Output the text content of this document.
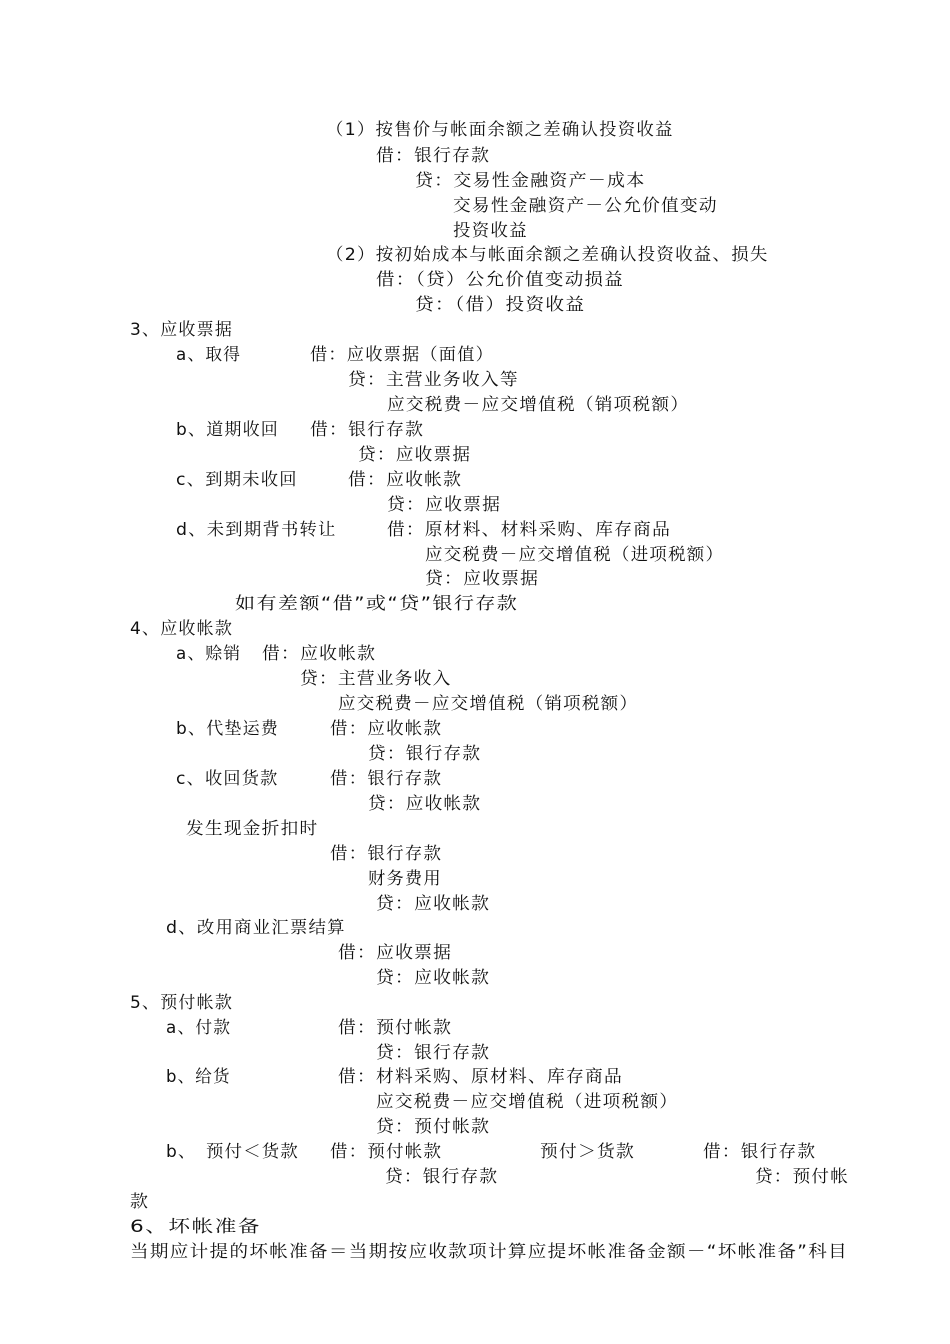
（1）按售价与帐面余额之差确认投资收益
借：银行存款
贷：交易性金融资产－成本
交易性金融资产－公允价值变动
投资收益
（2）按初始成本与帐面余额之差确认投资收益、损失
借：（贷）公允价值变动损益
贷：（借）投资收益
3、应收票据
a、取得	借：应收票据（面值）
贷：主营业务收入等
应交税费－应交增值税（销项税额）
b、道期收回 借：银行存款
贷：应收票据
c、到期未收回	借：应收帐款
贷：应收票据
d、未到期背书转让	借：原材料、材料采购、库存商品
应交税费－应交增值税（进项税额）
贷：应收票据
如有差额“借”或“贷”银行存款
4、应收帐款
a、赊销 借：应收帐款
贷：主营业务收入
应交税费－应交增值税（销项税额）
b、代垫运费	借：应收帐款
贷：银行存款
c、收回货款	借：银行存款
贷：应收帐款
发生现金折扣时
借：银行存款
财务费用
贷：应收帐款
d、改用商业汇票结算
借：应收票据
贷：应收帐款
5、预付帐款
a、付款	借：预付帐款
贷：银行存款
b、给货	借：材料采购、原材料、库存商品
应交税费－应交增值税（进项税额）
贷：预付帐款
b、 预付＜货款 借：预付帐款	预付＞货款	借：银行存款
贷：银行存款	贷：预付帐
款
6、坏帐准备
当期应计提的坏帐准备＝当期按应收款项计算应提坏帐准备金额－“坏帐准备”科目
